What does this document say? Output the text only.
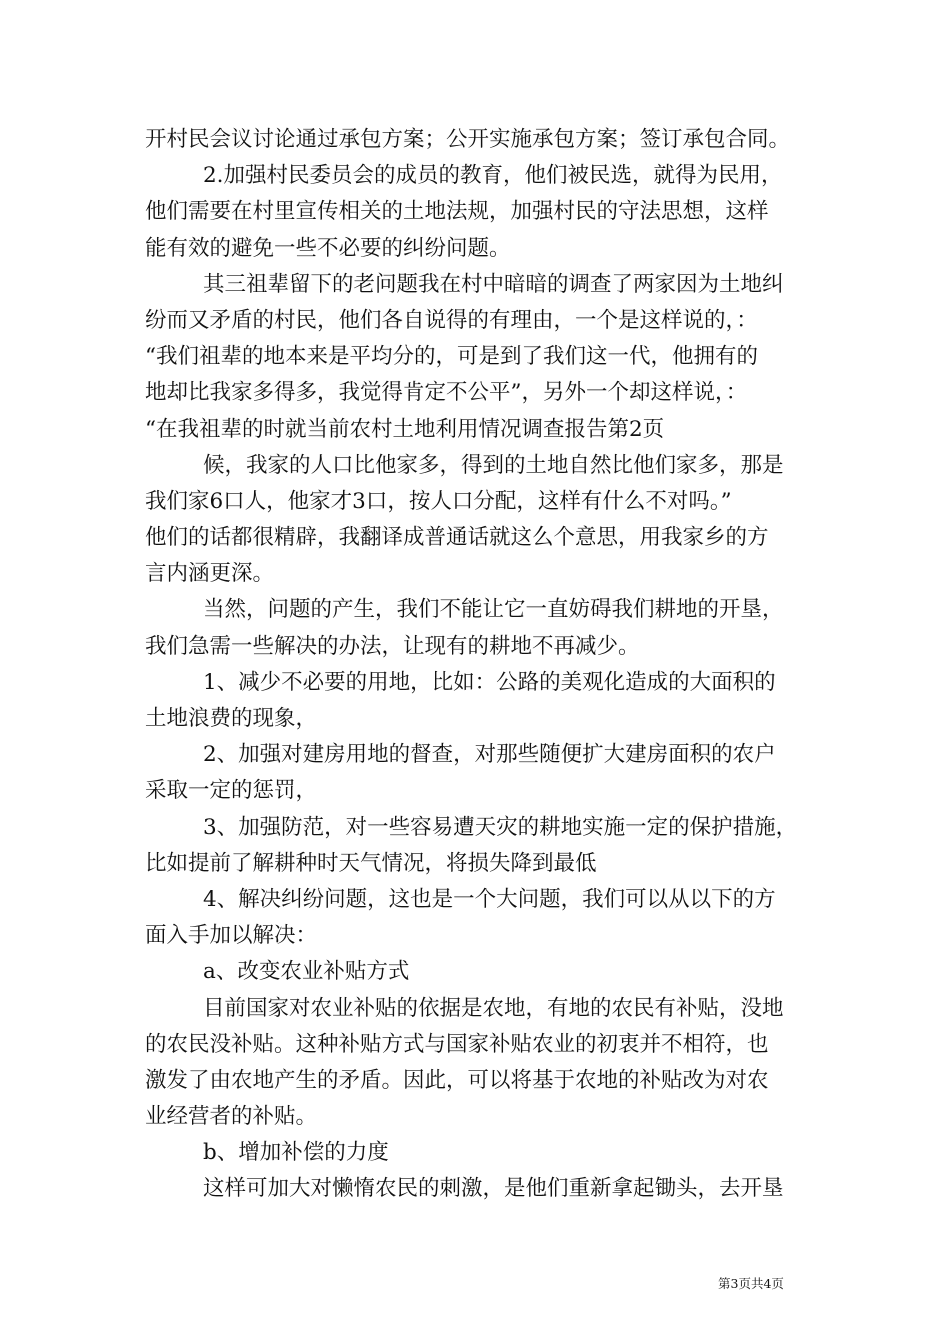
开村民会议讨论通过承包方案；公开实施承包方案；签订承包合同。
2.加强村民委员会的成员的教育，他们被民选，就得为民用，
他们需要在村里宣传相关的土地法规，加强村民的守法思想，这样
能有效的避免一些不必要的纠纷问题。
其三祖辈留下的老问题我在村中暗暗的调查了两家因为土地纠
纷而又矛盾的村民，他们各自说得的有理由，一个是这样说的，：
“我们祖辈的地本来是平均分的，可是到了我们这一代，他拥有的
地却比我家多得多，我觉得肯定不公平”，另外一个却这样说，：
“在我祖辈的时就当前农村土地利用情况调查报告第2页
候，我家的人口比他家多，得到的土地自然比他们家多，那是
我们家6口人，他家才3口，按人口分配，这样有什么不对吗。”
他们的话都很精辟，我翻译成普通话就这么个意思，用我家乡的方
言内涵更深。
当然，问题的产生，我们不能让它一直妨碍我们耕地的开垦，
我们急需一些解决的办法，让现有的耕地不再减少。
1、减少不必要的用地，比如：公路的美观化造成的大面积的
土地浪费的现象，
2、加强对建房用地的督查，对那些随便扩大建房面积的农户
采取一定的惩罚，
3、加强防范，对一些容易遭天灾的耕地实施一定的保护措施，
比如提前了解耕种时天气情况，将损失降到最低
4、解决纠纷问题，这也是一个大问题，我们可以从以下的方
面入手加以解决：
a、改变农业补贴方式
目前国家对农业补贴的依据是农地，有地的农民有补贴，没地
的农民没补贴。这种补贴方式与国家补贴农业的初衷并不相符，也
激发了由农地产生的矛盾。因此，可以将基于农地的补贴改为对农
业经营者的补贴。
b、增加补偿的力度
这样可加大对懒惰农民的刺激，是他们重新拿起锄头，去开垦
第3页共4页
